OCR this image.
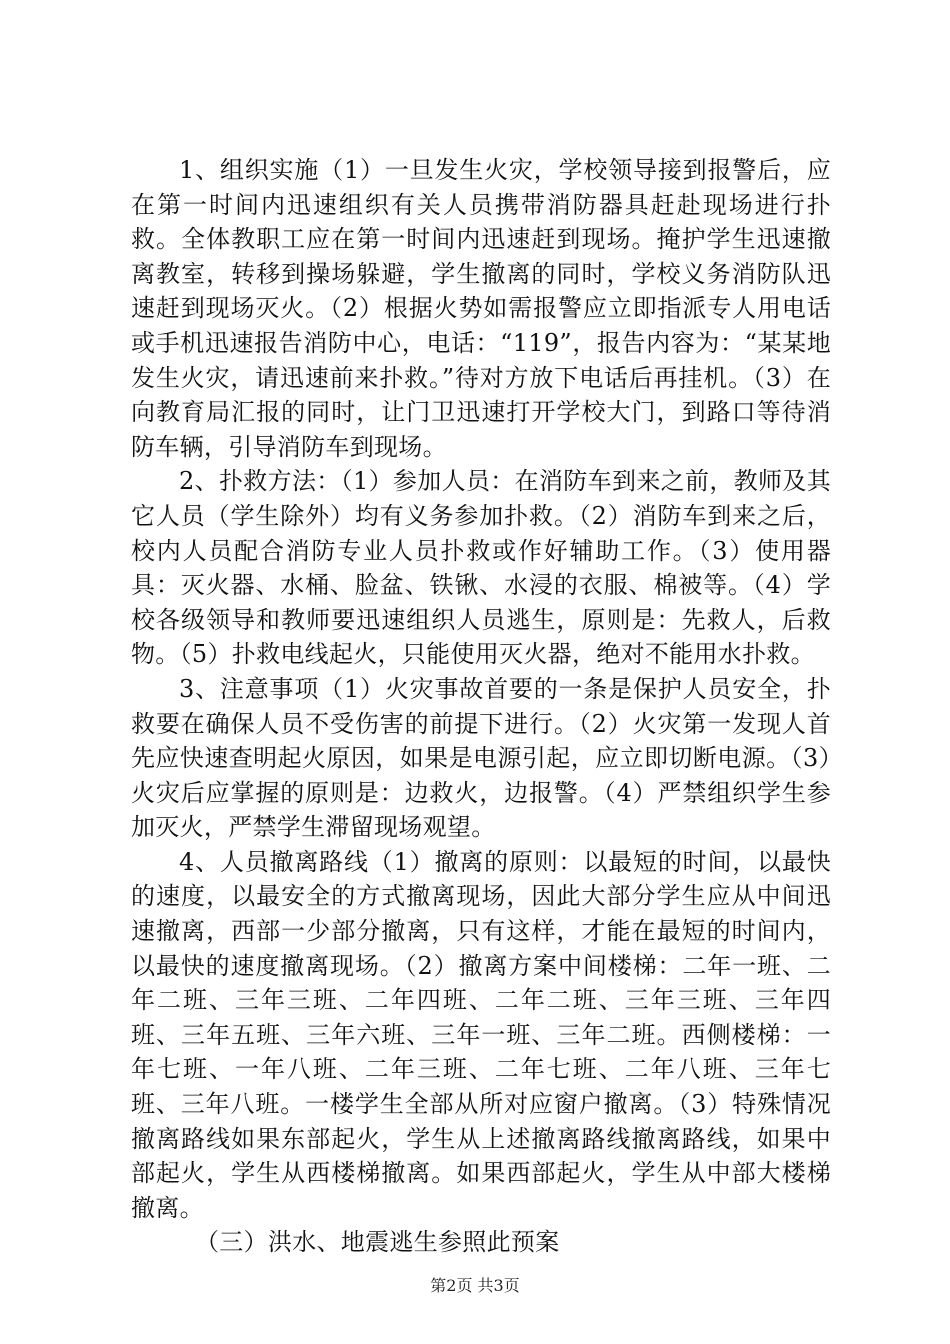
1、组织实施（1）一旦发生火灾，学校领导接到报警后，应在第一时间内迅速组织有关人员携带消防器具赶赴现场进行扑救。全体教职工应在第一时间内迅速赶到现场。掩护学生迅速撤离教室，转移到操场躲避，学生撤离的同时，学校义务消防队迅速赶到现场灭火。（2）根据火势如需报警应立即指派专人用电话或手机迅速报告消防中心，电话：“119”，报告内容为：“某某地发生火灾，请迅速前来扑救。”待对方放下电话后再挂机。（3）在向教育局汇报的同时，让门卫迅速打开学校大门，到路口等待消防车辆，引导消防车到现场。

2、扑救方法：（1）参加人员：在消防车到来之前，教师及其它人员（学生除外）均有义务参加扑救。（2）消防车到来之后，校内人员配合消防专业人员扑救或作好辅助工作。（3）使用器具：灭火器、水桶、脸盆、铁锹、水浸的衣服、棉被等。（4）学校各级领导和教师要迅速组织人员逃生，原则是：先救人，后救物。（5）扑救电线起火，只能使用灭火器，绝对不能用水扑救。

3、注意事项（1）火灾事故首要的一条是保护人员安全，扑救要在确保人员不受伤害的前提下进行。（2）火灾第一发现人首先应快速查明起火原因，如果是电源引起，应立即切断电源。（3）火灾后应掌握的原则是：边救火，边报警。（4）严禁组织学生参加灭火，严禁学生滞留现场观望。

4、人员撤离路线（1）撤离的原则：以最短的时间，以最快的速度，以最安全的方式撤离现场，因此大部分学生应从中间迅速撤离，西部一少部分撤离，只有这样，才能在最短的时间内，以最快的速度撤离现场。（2）撤离方案中间楼梯：二年一班、二年二班、三年三班、二年四班、二年二班、三年三班、三年四班、三年五班、三年六班、三年一班、三年二班。西侧楼梯：一年七班、一年八班、二年三班、二年七班、二年八班、三年七班、三年八班。一楼学生全部从所对应窗户撤离。（3）特殊情况撤离路线如果东部起火，学生从上述撤离路线撤离路线，如果中部起火，学生从西楼梯撤离。如果西部起火，学生从中部大楼梯撤离。

（三）洪水、地震逃生参照此预案

第2页 共3页
